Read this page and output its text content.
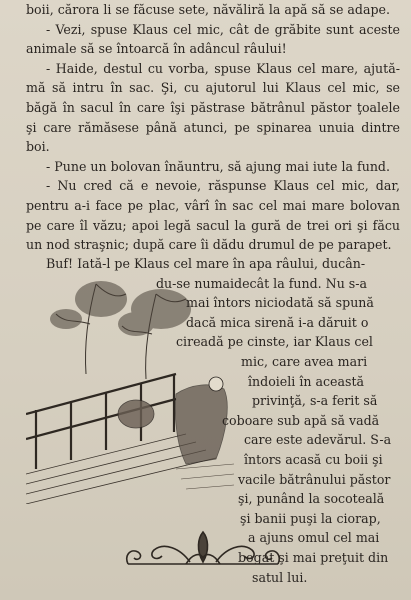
boii, cărora li se făcuse sete, năvăliră la apă să se adape.

- Vezi, spuse Klaus cel mic, cât de grăbite sunt aceste animale să se întoarcă în adâncul râului!

- Haide, destul cu vorba, spuse Klaus cel mare, ajută-mă să intru în sac. Şi, cu ajutorul lui Klaus cel mic, se băgă în sacul în care îşi păstrase bătrânul păstor ţoalele şi care rămăsese până atunci, pe spinarea unuia dintre boi.

- Pune un bolovan înăuntru, să ajung mai iute la fund.

- Nu cred că e nevoie, răspunse Klaus cel mic, dar, pentru a-i face pe plac, vârî în sac cel mai mare bolovan pe care îl văzu; apoi legă sacul la gură de trei ori şi făcu un nod straşnic; după care îi dădu drumul de pe parapet.

Buf! Iată-l pe Klaus cel mare în apa râului, ducân-
du-se numaidecât la fund. Nu s-a
mai întors niciodată să spună
dacă mica sirenă i-a dăruit o
cireadă pe cinste, iar Klaus cel
mic, care avea mari
îndoieli în această
privinţă, s-a ferit să
coboare sub apă să vadă
care este adevărul. S-a
întors acasă cu boii şi
vacile bătrânului păstor
şi, punând la socoteală
şi banii puşi la ciorap,
a ajuns omul cel mai
bogat şi mai preţuit din
satul lui.
